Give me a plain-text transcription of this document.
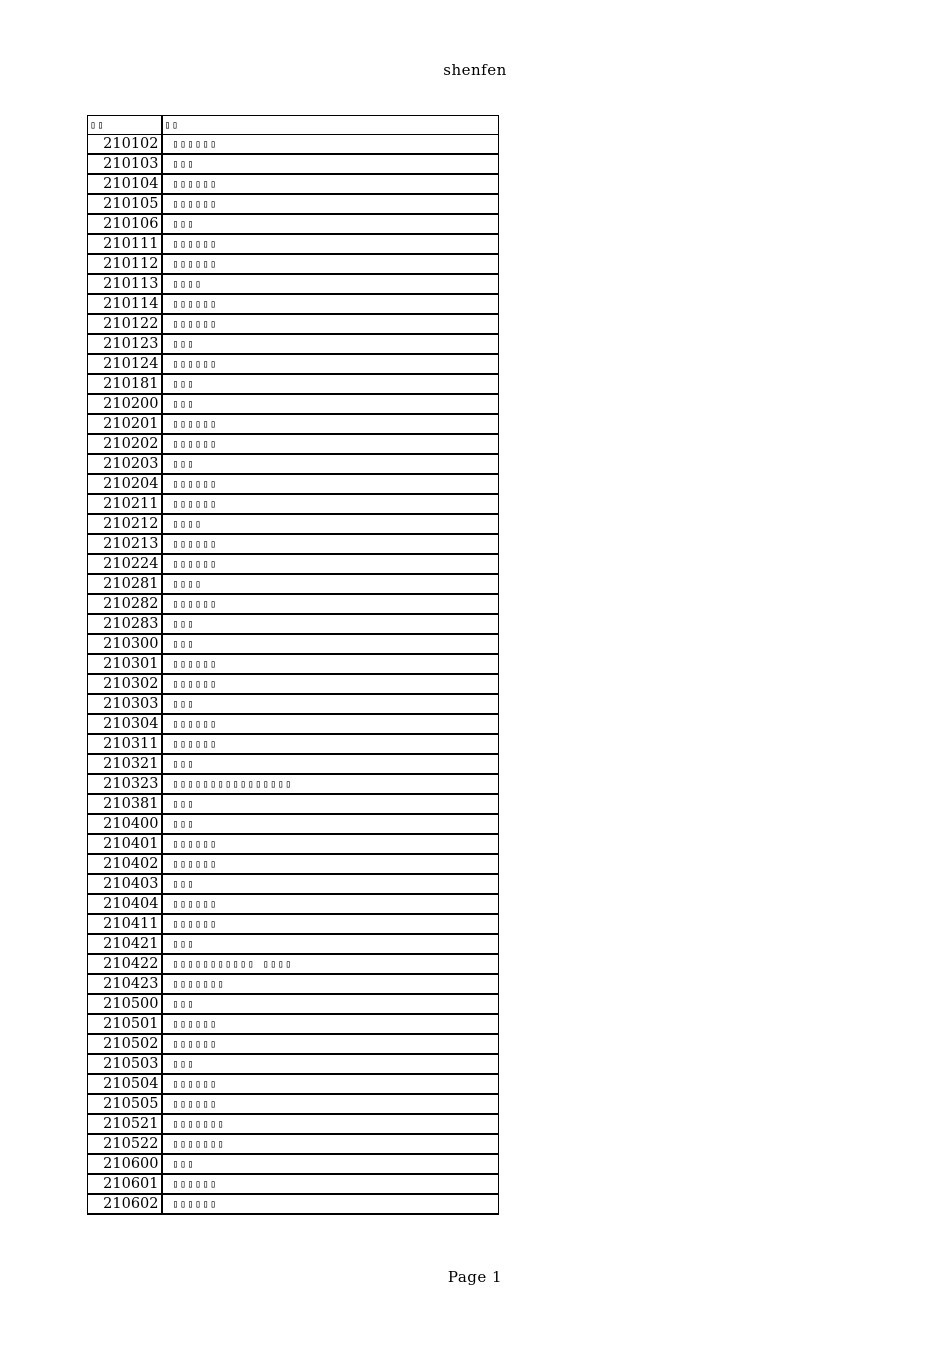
shenfen
▯▯	▯▯
210102	▯▯▯▯▯▯
210103	▯▯▯
210104	▯▯▯▯▯▯
210105	▯▯▯▯▯▯
210106	▯▯▯
210111	▯▯▯▯▯▯
210112	▯▯▯▯▯▯
210113	▯▯▯▯
210114	▯▯▯▯▯▯
210122	▯▯▯▯▯▯
210123	▯▯▯
210124	▯▯▯▯▯▯
210181	▯▯▯
210200	▯▯▯
210201	▯▯▯▯▯▯
210202	▯▯▯▯▯▯
210203	▯▯▯
210204	▯▯▯▯▯▯
210211	▯▯▯▯▯▯
210212	▯▯▯▯
210213	▯▯▯▯▯▯
210224	▯▯▯▯▯▯
210281	▯▯▯▯
210282	▯▯▯▯▯▯
210283	▯▯▯
210300	▯▯▯
210301	▯▯▯▯▯▯
210302	▯▯▯▯▯▯
210303	▯▯▯
210304	▯▯▯▯▯▯
210311	▯▯▯▯▯▯
210321	▯▯▯
210323	▯▯▯▯▯▯▯▯▯▯▯▯▯▯▯▯
210381	▯▯▯
210400	▯▯▯
210401	▯▯▯▯▯▯
210402	▯▯▯▯▯▯
210403	▯▯▯
210404	▯▯▯▯▯▯
210411	▯▯▯▯▯▯
210421	▯▯▯
210422	▯▯▯▯▯▯▯▯▯▯▯ ▯▯▯▯
210423	▯▯▯▯▯▯▯
210500	▯▯▯
210501	▯▯▯▯▯▯
210502	▯▯▯▯▯▯
210503	▯▯▯
210504	▯▯▯▯▯▯
210505	▯▯▯▯▯▯
210521	▯▯▯▯▯▯▯
210522	▯▯▯▯▯▯▯
210600	▯▯▯
210601	▯▯▯▯▯▯
210602	▯▯▯▯▯▯
Page 1
